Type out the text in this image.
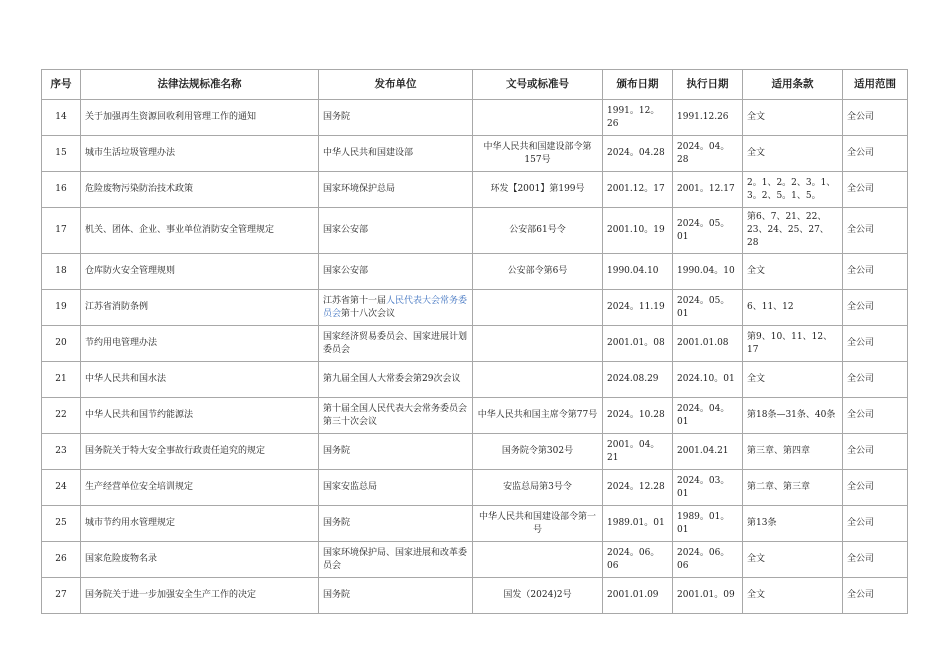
序号	法律法规标准名称	发布单位	文号或标准号	颁布日期	执行日期	适用条款	适用范围
14	关于加强再生资源回收利用管理工作的通知	国务院		1991。12。26	1991.12.26	全文	全公司
15	城市生活垃圾管理办法	中华人民共和国建设部	中华人民共和国建设部令第157号	2024。04.28	2024。04。28	全文	全公司
16	危险废物污染防治技术政策	国家环境保护总局	环发【2001】第199号	2001.12。17	2001。12.17	2。1、2。2、3。1、3。2、5。1、5。	全公司
17	机关、团体、企业、事业单位消防安全管理规定	国家公安部	公安部61号令	2001.10。19	2024。05。01	第6、7、21、22、23、24、25、27、28	全公司
18	仓库防火安全管理规则	国家公安部	公安部令第6号	1990.04.10	1990.04。10	全文	全公司
19	江苏省消防条例	江苏省第十一届人民代表大会常务委员会第十八次会议		2024。11.19	2024。05。01	6、11、12	全公司
20	节约用电管理办法	国家经济贸易委员会、国家进展计划委员会		2001.01。08	2001.01.08	第9、10、11、12、17	全公司
21	中华人民共和国水法	第九届全国人大常委会第29次会议		2024.08.29	2024.10。01	全文	全公司
22	中华人民共和国节约能源法	第十届全国人民代表大会常务委员会第三十次会议	中华人民共和国主席令第77号	2024。10.28	2024。04。01	第18条—31条、40条	全公司
23	国务院关于特大安全事故行政责任追究的规定	国务院	国务院令第302号	2001。04。21	2001.04.21	第三章、第四章	全公司
24	生产经营单位安全培训规定	国家安监总局	安监总局第3号令	2024。12.28	2024。03。01	第二章、第三章	全公司
25	城市节约用水管理规定	国务院	中华人民共和国建设部令第一号	1989.01。01	1989。01。01	第13条	全公司
26	国家危险废物名录	国家环境保护局、国家进展和改革委员会		2024。06。06	2024。06。06	全文	全公司
27	国务院关于进一步加强安全生产工作的决定	国务院	国发（2024)2号	2001.01.09	2001.01。09	全文	全公司
